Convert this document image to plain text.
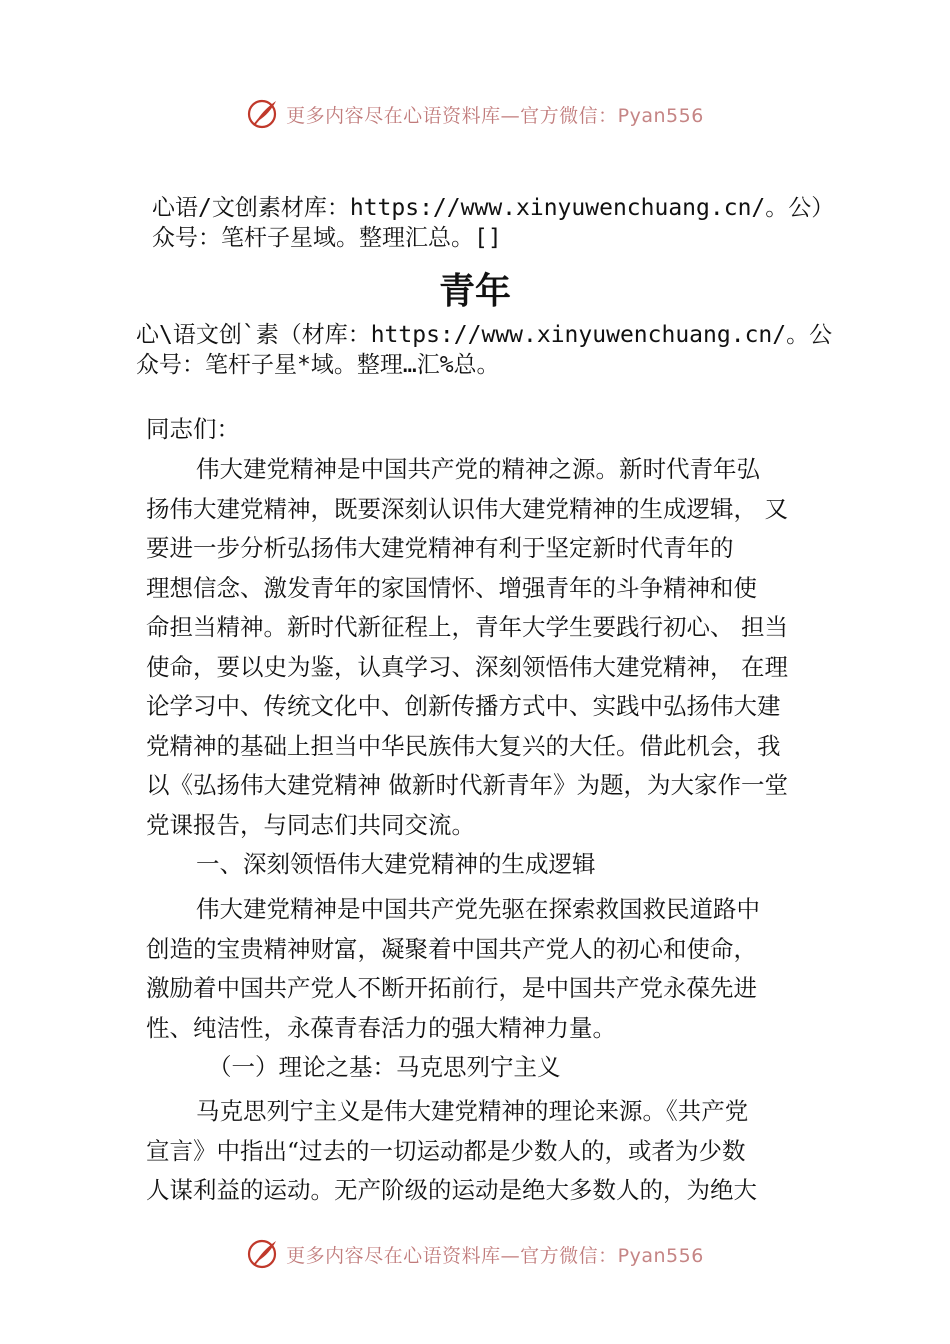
更多内容尽在心语资料库—官方微信：Pyan556
心语/文创素材库：https://www.xinyuwenchuang.cn/。公）
众号：笔杆子星域。整理汇总。[]
青年
心\语文创`素（材库：https://www.xinyuwenchuang.cn/。公
众号：笔杆子星*域。整理…汇%总。
同志们：
伟大建党精神是中国共产党的精神之源。新时代青年弘
扬伟大建党精神，既要深刻认识伟大建党精神的生成逻辑， 又
要进一步分析弘扬伟大建党精神有利于坚定新时代青年的
理想信念、激发青年的家国情怀、增强青年的斗争精神和使
命担当精神。新时代新征程上，青年大学生要践行初心、 担当
使命，要以史为鉴，认真学习、深刻领悟伟大建党精神， 在理
论学习中、传统文化中、创新传播方式中、实践中弘扬伟大建
党精神的基础上担当中华民族伟大复兴的大任。借此机会，我
以《弘扬伟大建党精神 做新时代新青年》为题，为大家作一堂
党课报告，与同志们共同交流。
一、深刻领悟伟大建党精神的生成逻辑
伟大建党精神是中国共产党先驱在探索救国救民道路中
创造的宝贵精神财富，凝聚着中国共产党人的初心和使命，
激励着中国共产党人不断开拓前行，是中国共产党永葆先进
性、纯洁性，永葆青春活力的强大精神力量。
（一）理论之基：马克思列宁主义
马克思列宁主义是伟大建党精神的理论来源。《共产党
宣言》中指出“过去的一切运动都是少数人的，或者为少数
人谋利益的运动。无产阶级的运动是绝大多数人的，为绝大
更多内容尽在心语资料库—官方微信：Pyan556
